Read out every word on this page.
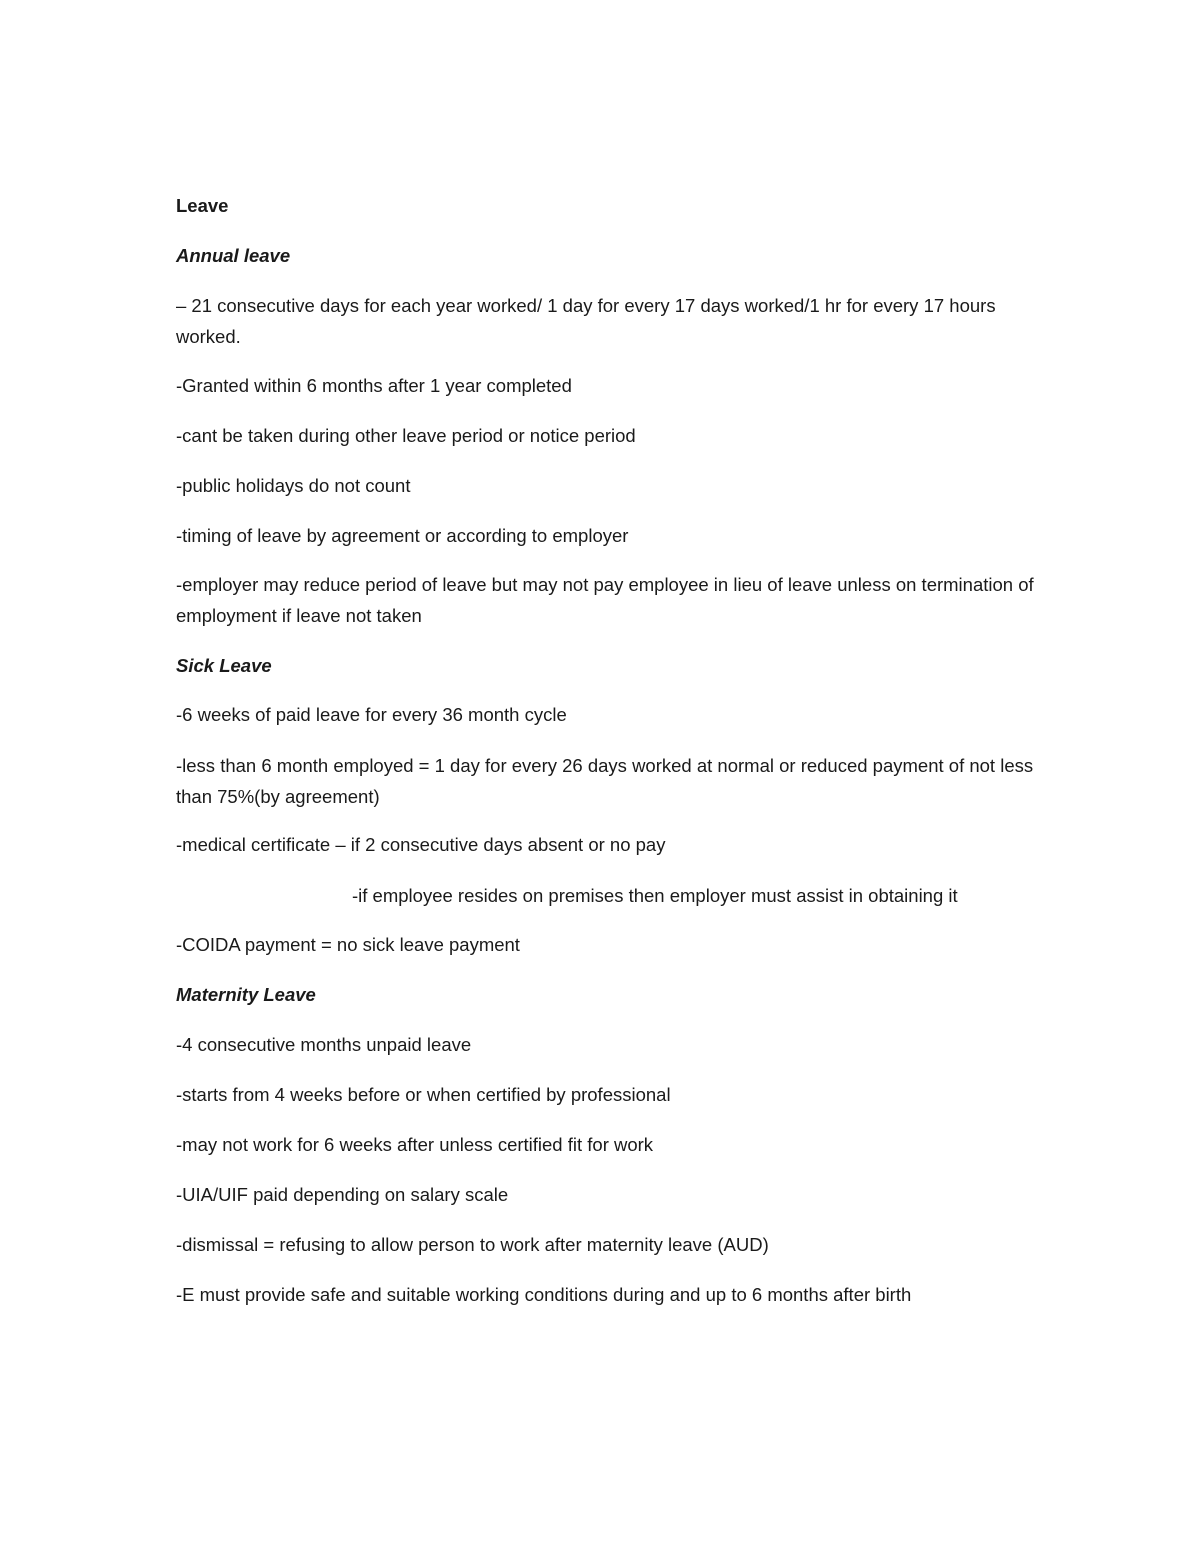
Leave

Annual leave

– 21 consecutive days for each year worked/ 1 day for every 17 days worked/1 hr for every 17 hours worked.

-Granted within 6 months after 1 year completed

-cant be taken during other leave period or notice period

-public holidays do not count

-timing of leave by agreement or according to employer

-employer may reduce period of leave but may not pay employee in lieu of leave unless on termination of employment if leave not taken

Sick Leave

-6 weeks of paid leave for every 36 month cycle

-less than 6 month employed = 1 day for every 26 days worked at normal or reduced payment of not less than 75%(by agreement)

-medical certificate – if 2 consecutive days absent or no pay

-if employee resides on premises then employer must assist in obtaining it

-COIDA payment = no sick leave payment

Maternity Leave

-4 consecutive months unpaid leave

-starts from 4 weeks before or when certified by professional

-may not work for 6 weeks after unless certified fit for work

-UIA/UIF paid depending on salary scale

-dismissal = refusing to allow person to work after maternity leave (AUD)

-E must provide safe and suitable working conditions during and up to 6 months after birth
